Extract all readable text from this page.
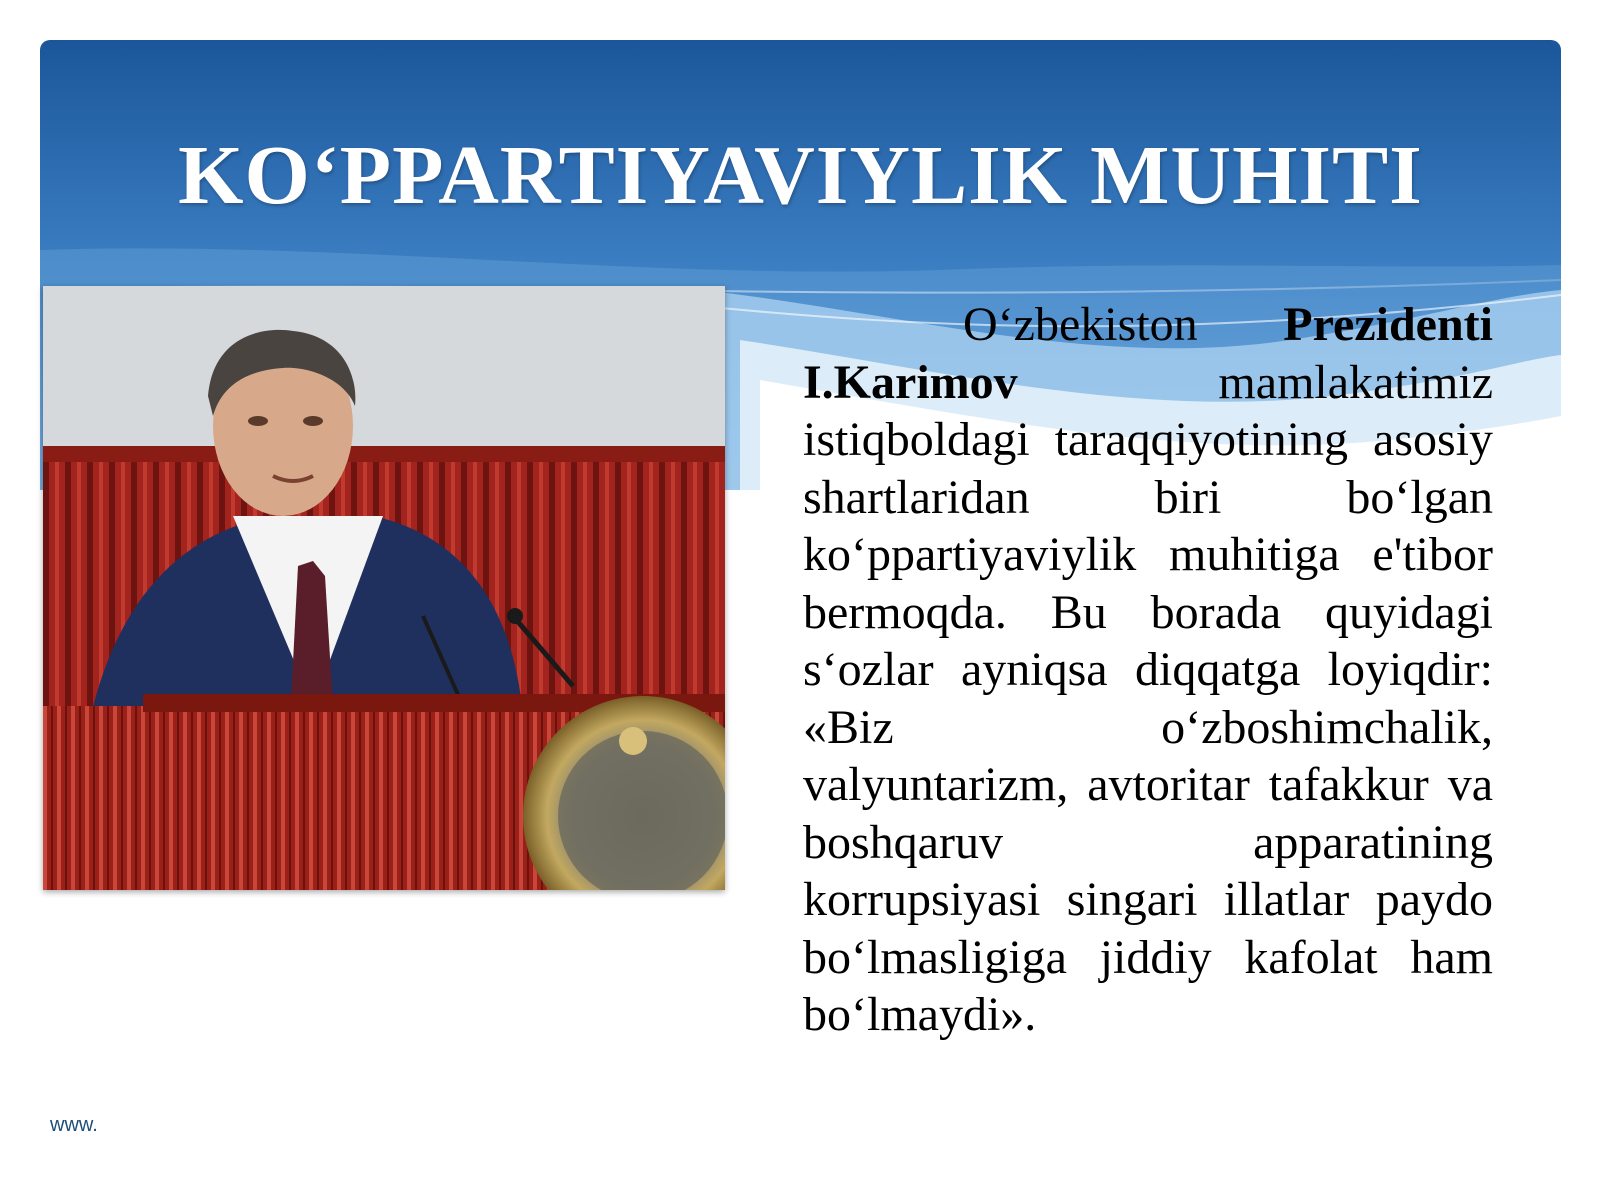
KO‘PPARTIYAVIYLIK MUHITI

O‘zbekiston Prezidenti I.Karimov mamlakatimiz istiqboldagi taraqqiyotining asosiy shartlaridan biri bo‘lgan ko‘ppartiyaviylik muhitiga e'tibor bermoqda. Bu borada quyidagi s‘ozlar ayniqsa diqqatga loyiqdir: «Biz o‘zboshimchalik, valyuntarizm, avtoritar tafakkur va boshqaruv apparatining korrupsiyasi singari illatlar paydo bo‘lmasligiga jiddiy kafolat ham bo‘lmaydi».

www.
